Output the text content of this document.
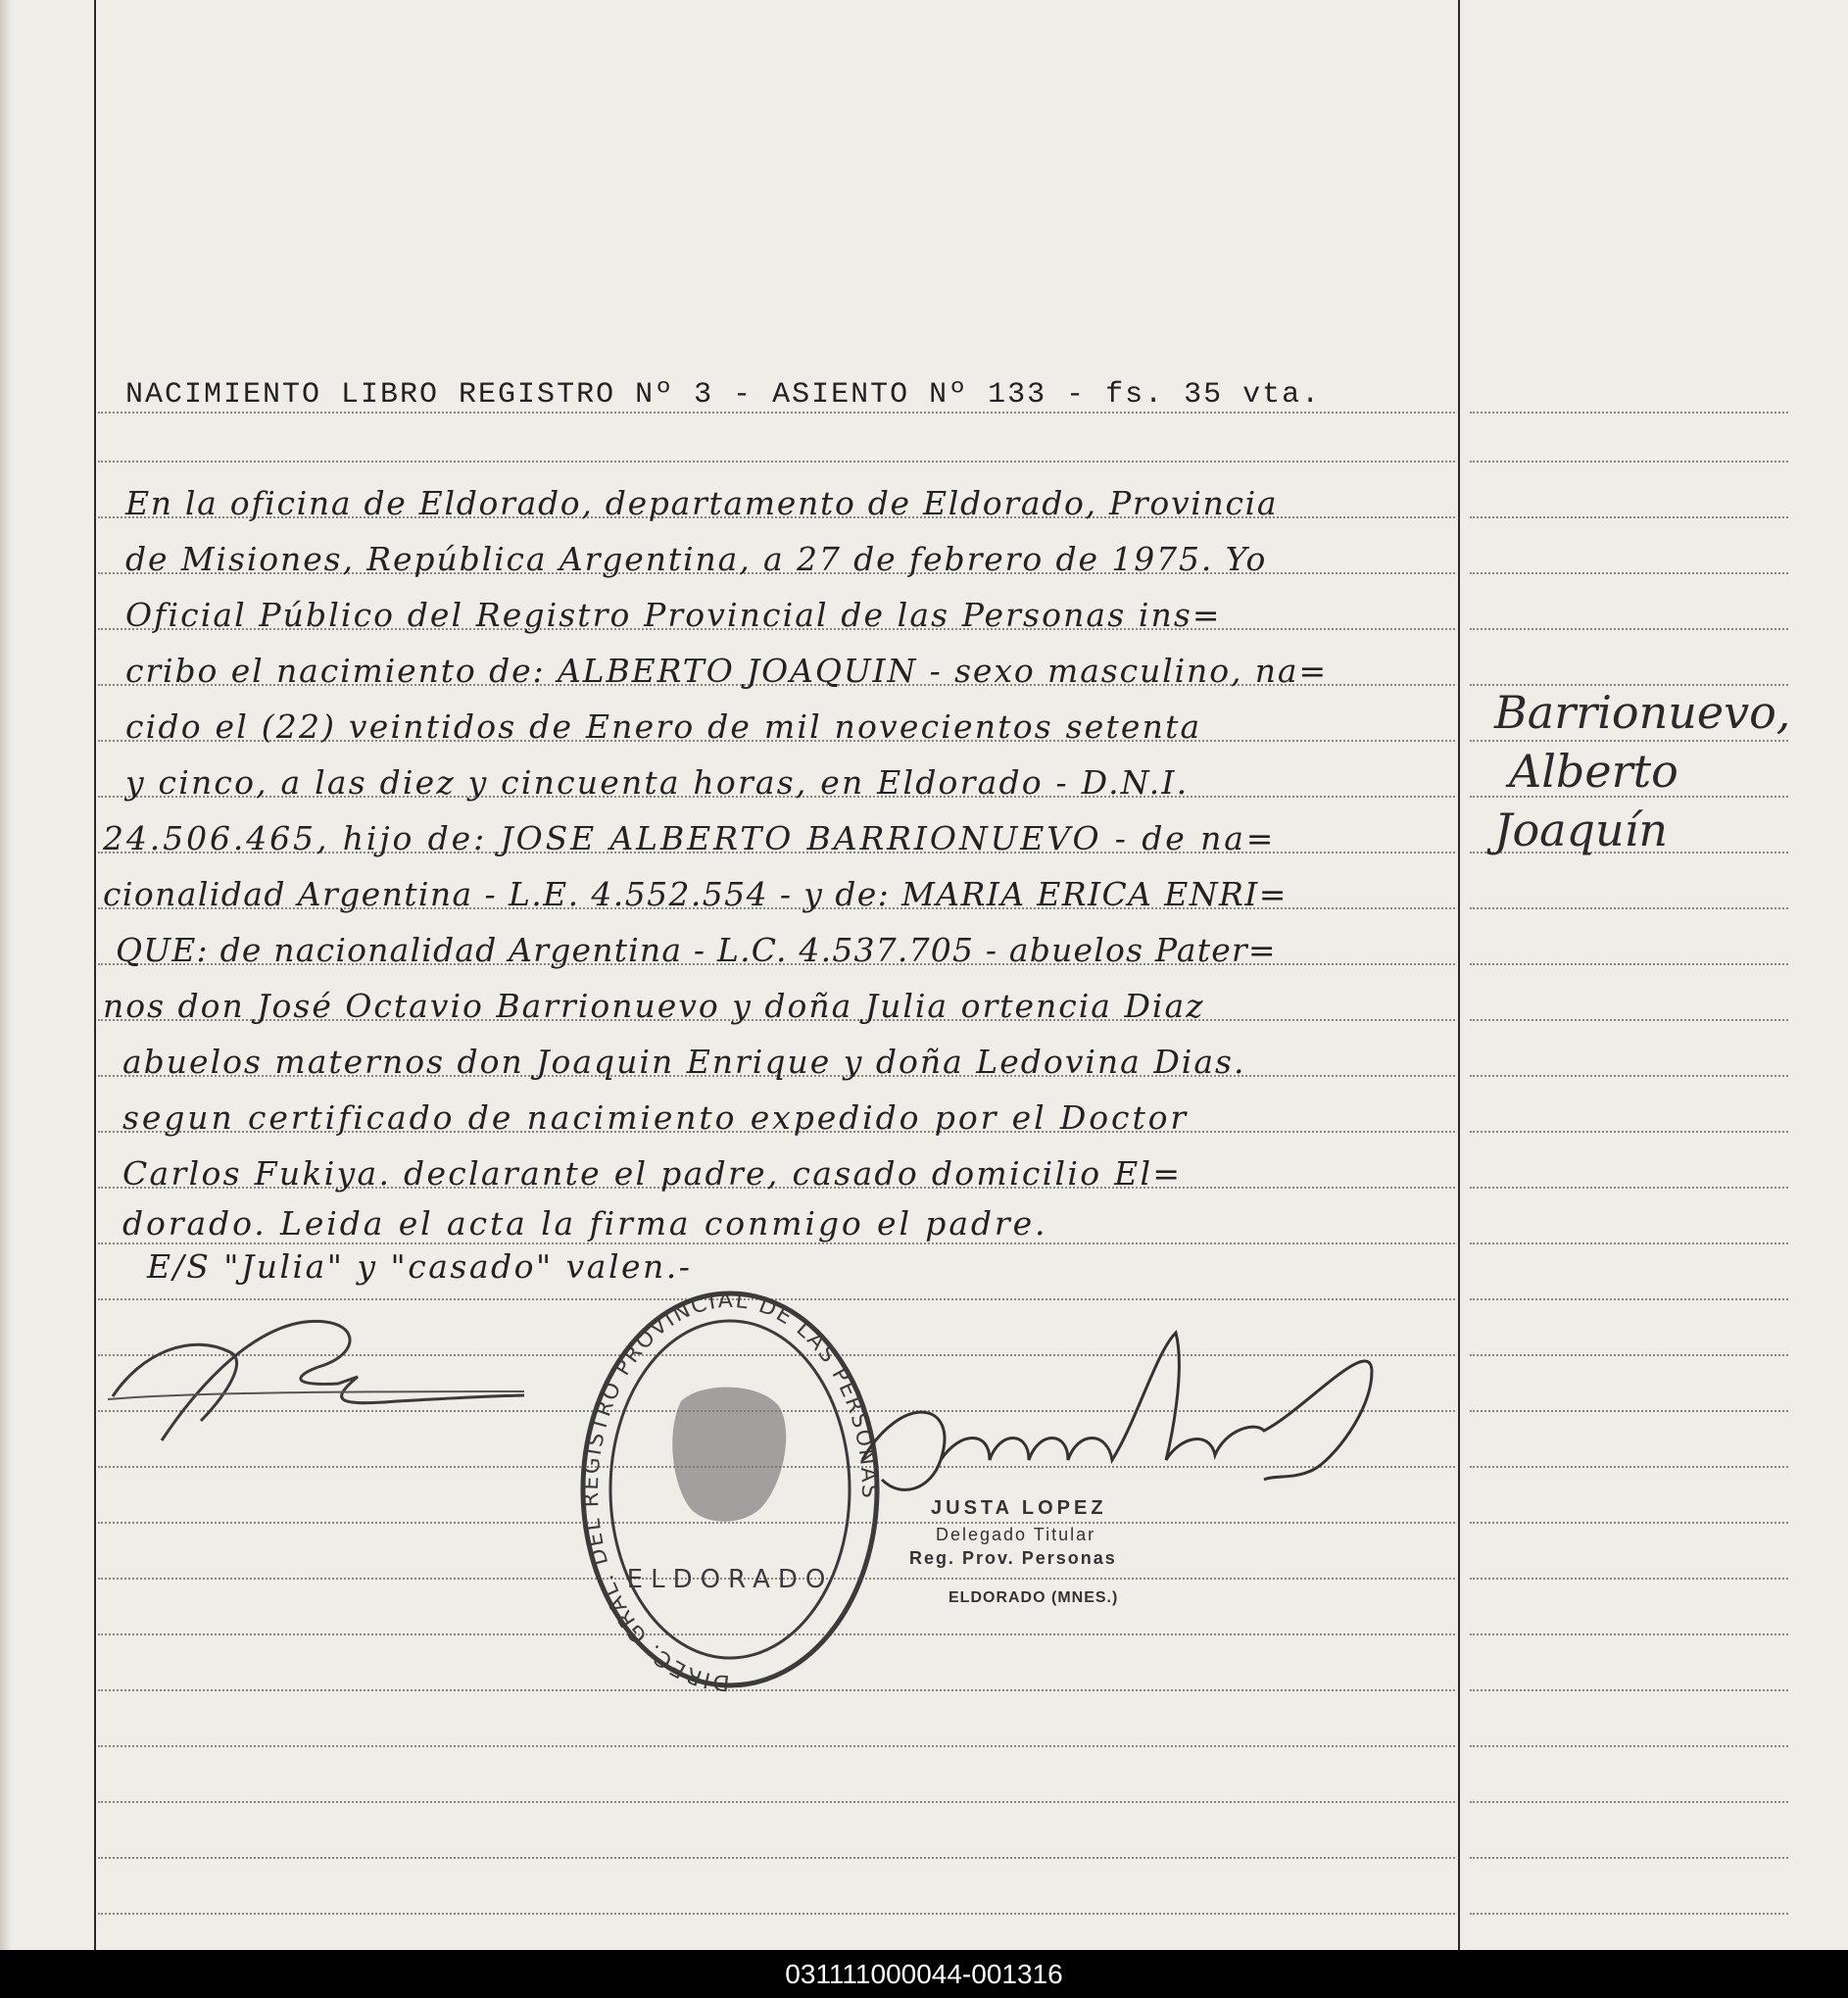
NACIMIENTO LIBRO REGISTRO Nº 3 - ASIENTO Nº 133 - fs. 35 vta.
En la oficina de Eldorado, departamento de Eldorado, Provincia
de Misiones, República Argentina, a 27 de febrero de 1975. Yo
Oficial Público del Registro Provincial de las Personas ins=
cribo el nacimiento de: ALBERTO JOAQUIN - sexo masculino, na=
cido el (22) veintidos de Enero de mil novecientos setenta
y cinco, a las diez y cincuenta horas, en Eldorado - D.N.I.
24.506.465, hijo de: JOSE ALBERTO BARRIONUEVO - de na=
cionalidad Argentina - L.E. 4.552.554 - y de: MARIA ERICA ENRI=
QUE: de nacionalidad Argentina - L.C. 4.537.705 - abuelos Pater=
nos don José Octavio Barrionuevo y doña Julia ortencia Diaz
abuelos maternos don Joaquin Enrique y doña Ledovina Dias.
segun certificado de nacimiento expedido por el Doctor
Carlos Fukiya. declarante el padre, casado domicilio El=
dorado. Leida el acta la firma conmigo el padre.
E/S "Julia" y "casado" valen.-
Barrionuevo,
Alberto
Joaquín
DIREC. GRAL. DEL REGISTRO PROVINCIAL DE LAS PERSONAS
ELDORADO
JUSTA LOPEZ
Delegado Titular
Reg. Prov. Personas
ELDORADO (MNES.)
031111000044-001316
